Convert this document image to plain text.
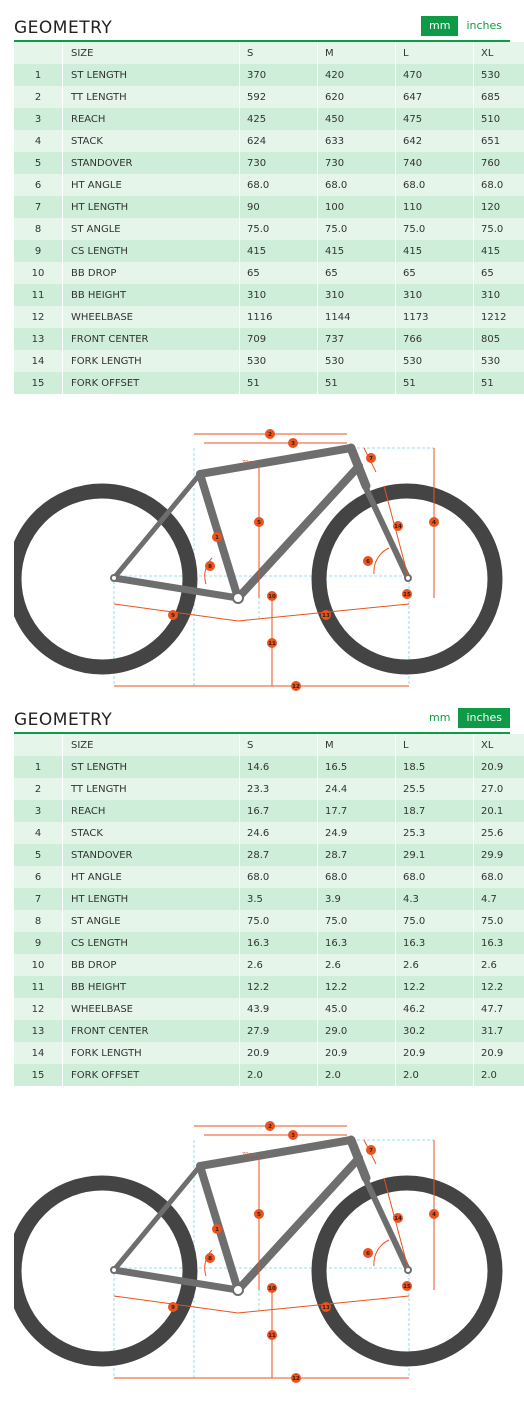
GEOMETRY	mm	inches
	SIZE	S	M	L	XL
1	ST LENGTH	370	420	470	530
2	TT LENGTH	592	620	647	685
3	REACH	425	450	475	510
4	STACK	624	633	642	651
5	STANDOVER	730	730	740	760
6	HT ANGLE	68.0	68.0	68.0	68.0
7	HT LENGTH	90	100	110	120
8	ST ANGLE	75.0	75.0	75.0	75.0
9	CS LENGTH	415	415	415	415
10	BB DROP	65	65	65	65
11	BB HEIGHT	310	310	310	310
12	WHEELBASE	1116	1144	1173	1212
13	FRONT CENTER	709	737	766	805
14	FORK LENGTH	530	530	530	530
15	FORK OFFSET	51	51	51	51
70mm
1
2
3
4
5
6
7
8
9
10
11
12
13
14
15
GEOMETRY	mm	inches
	SIZE	S	M	L	XL
1	ST LENGTH	14.6	16.5	18.5	20.9
2	TT LENGTH	23.3	24.4	25.5	27.0
3	REACH	16.7	17.7	18.7	20.1
4	STACK	24.6	24.9	25.3	25.6
5	STANDOVER	28.7	28.7	29.1	29.9
6	HT ANGLE	68.0	68.0	68.0	68.0
7	HT LENGTH	3.5	3.9	4.3	4.7
8	ST ANGLE	75.0	75.0	75.0	75.0
9	CS LENGTH	16.3	16.3	16.3	16.3
10	BB DROP	2.6	2.6	2.6	2.6
11	BB HEIGHT	12.2	12.2	12.2	12.2
12	WHEELBASE	43.9	45.0	46.2	47.7
13	FRONT CENTER	27.9	29.0	30.2	31.7
14	FORK LENGTH	20.9	20.9	20.9	20.9
15	FORK OFFSET	2.0	2.0	2.0	2.0
70mm
1
2
3
4
5
6
7
8
9
10
11
12
13
14
15
